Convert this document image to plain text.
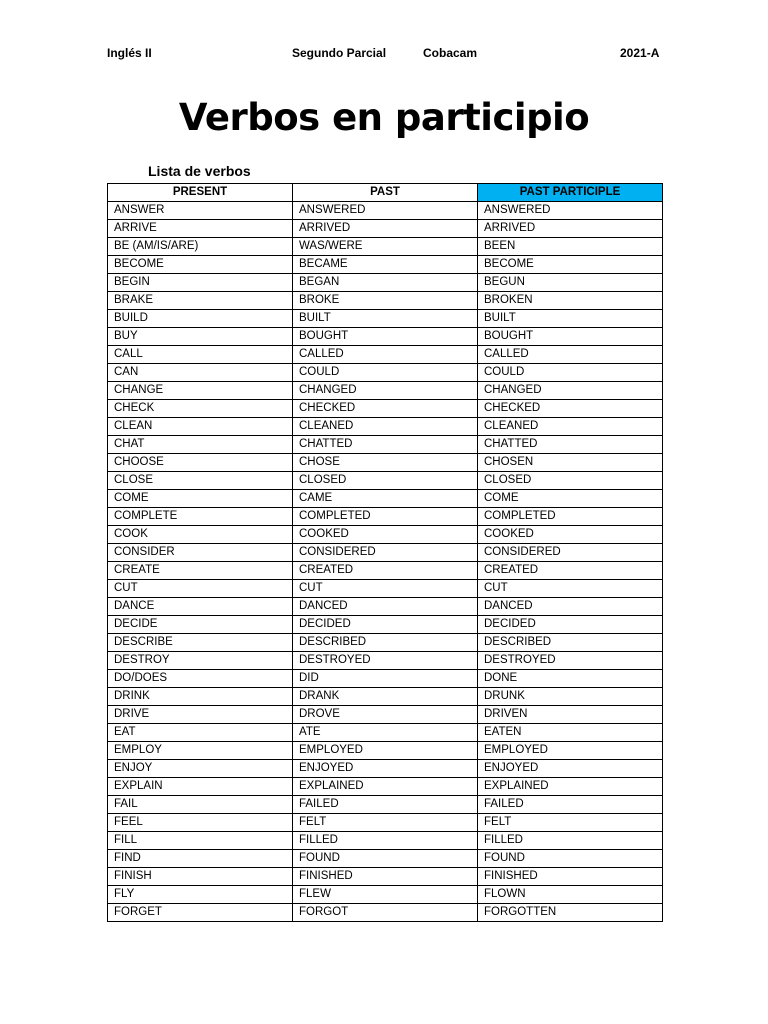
Inglés II	Segundo Parcial	Cobacam	2021-A
Verbos en participio
Lista de verbos
PRESENT	PAST	PAST PARTICIPLE
ANSWER	ANSWERED	ANSWERED
ARRIVE	ARRIVED	ARRIVED
BE (AM/IS/ARE)	WAS/WERE	BEEN
BECOME	BECAME	BECOME
BEGIN	BEGAN	BEGUN
BRAKE	BROKE	BROKEN
BUILD	BUILT	BUILT
BUY	BOUGHT	BOUGHT
CALL	CALLED	CALLED
CAN	COULD	COULD
CHANGE	CHANGED	CHANGED
CHECK	CHECKED	CHECKED
CLEAN	CLEANED	CLEANED
CHAT	CHATTED	CHATTED
CHOOSE	CHOSE	CHOSEN
CLOSE	CLOSED	CLOSED
COME	CAME	COME
COMPLETE	COMPLETED	COMPLETED
COOK	COOKED	COOKED
CONSIDER	CONSIDERED	CONSIDERED
CREATE	CREATED	CREATED
CUT	CUT	CUT
DANCE	DANCED	DANCED
DECIDE	DECIDED	DECIDED
DESCRIBE	DESCRIBED	DESCRIBED
DESTROY	DESTROYED	DESTROYED
DO/DOES	DID	DONE
DRINK	DRANK	DRUNK
DRIVE	DROVE	DRIVEN
EAT	ATE	EATEN
EMPLOY	EMPLOYED	EMPLOYED
ENJOY	ENJOYED	ENJOYED
EXPLAIN	EXPLAINED	EXPLAINED
FAIL	FAILED	FAILED
FEEL	FELT	FELT
FILL	FILLED	FILLED
FIND	FOUND	FOUND
FINISH	FINISHED	FINISHED
FLY	FLEW	FLOWN
FORGET	FORGOT	FORGOTTEN
